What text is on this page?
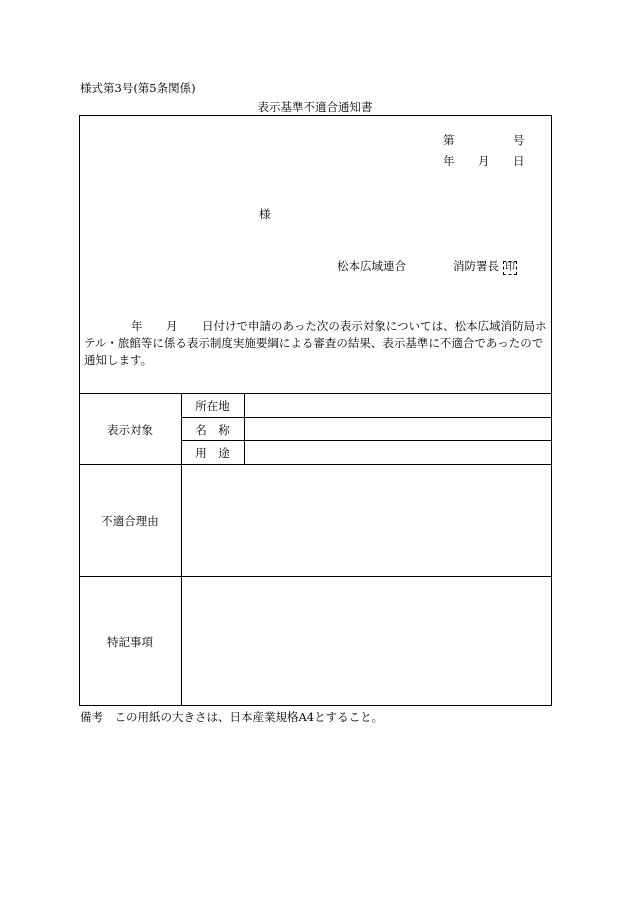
様式第3号(第5条関係)
表示基準不適合通知書
第	号
年 月 日
様
松本広域連合	消防署長 印
年 月	日付けで申請のあった次の表示対象については、松本広域消防局ホテル・旅館等に係る表示制度実施要綱による審査の結果、表示基準に不適合であったので通知します。
表示対象
所在地
名　称
用　途
不適合理由
特記事項
備考　この用紙の大きさは、日本産業規格A4とすること。
